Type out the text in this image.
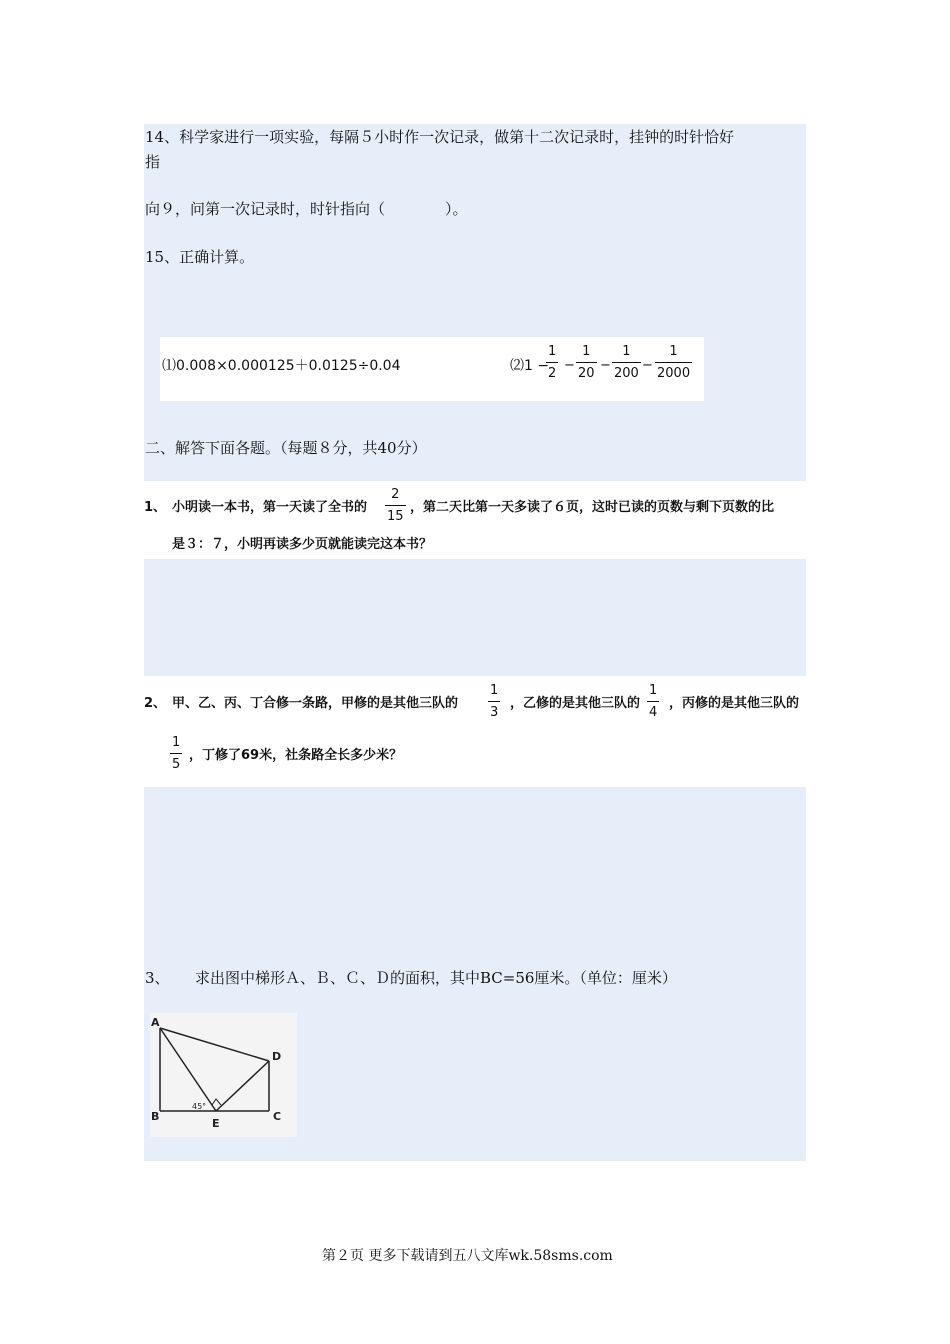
14、科学家进行一项实验，每隔５小时作一次记录，做第十二次记录时，挂钟的时针恰好
指
向９，问第一次记录时，时针指向（　　　　）。
15、正确计算。
⑴0.008×0.000125＋0.0125÷0.04	⑵1 −
1
2
−
1
20
−
1
200
−
1
2000
二、解答下面各题。（每题８分，共40分）
1、 小明读一本书，第一天读了全书的
2
15
，第二天比第一天多读了６页，这时已读的页数与剩下页数的比
是３：７，小明再读多少页就能读完这本书？
2、 甲、乙、丙、丁合修一条路，甲修的是其他三队的
1
3
，乙修的是其他三队的
1
4
，丙修的是其他三队的
1
5
，丁修了69米，社条路全长多少米？
3、 求出图中梯形Ａ、Ｂ、Ｃ、Ｄ的面积，其中BC=56厘米。（单位：厘米）
A
B	C
D
E
45°
第２页 更多下载请到五八文库wk.58sms.com
